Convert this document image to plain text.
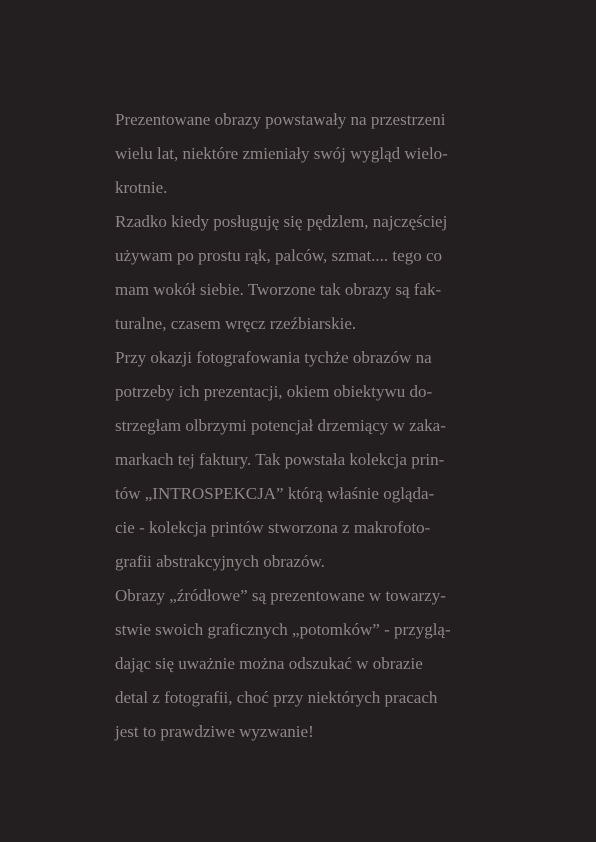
Prezentowane obrazy powstawały na przestrzeni
wielu lat, niektóre zmieniały swój wygląd wielo-
krotnie.
Rzadko kiedy posługuję się pędzlem, najczęściej
używam po prostu rąk, palców, szmat.... tego co
mam wokół siebie. Tworzone tak obrazy są fak-
turalne, czasem wręcz rzeźbiarskie.
Przy okazji fotografowania tychże obrazów na
potrzeby ich prezentacji, okiem obiektywu do-
strzegłam olbrzymi potencjał drzemiący w zaka-
markach tej faktury. Tak powstała kolekcja prin-
tów „INTROSPEKCJA” którą właśnie ogląda-
cie - kolekcja printów stworzona z makrofoto-
grafii abstrakcyjnych obrazów.
Obrazy „źródłowe” są prezentowane w towarzy-
stwie swoich graficznych „potomków” - przyglą-
dając się uważnie można odszukać w obrazie
detal z fotografii, choć przy niektórych pracach
jest to prawdziwe wyzwanie!
